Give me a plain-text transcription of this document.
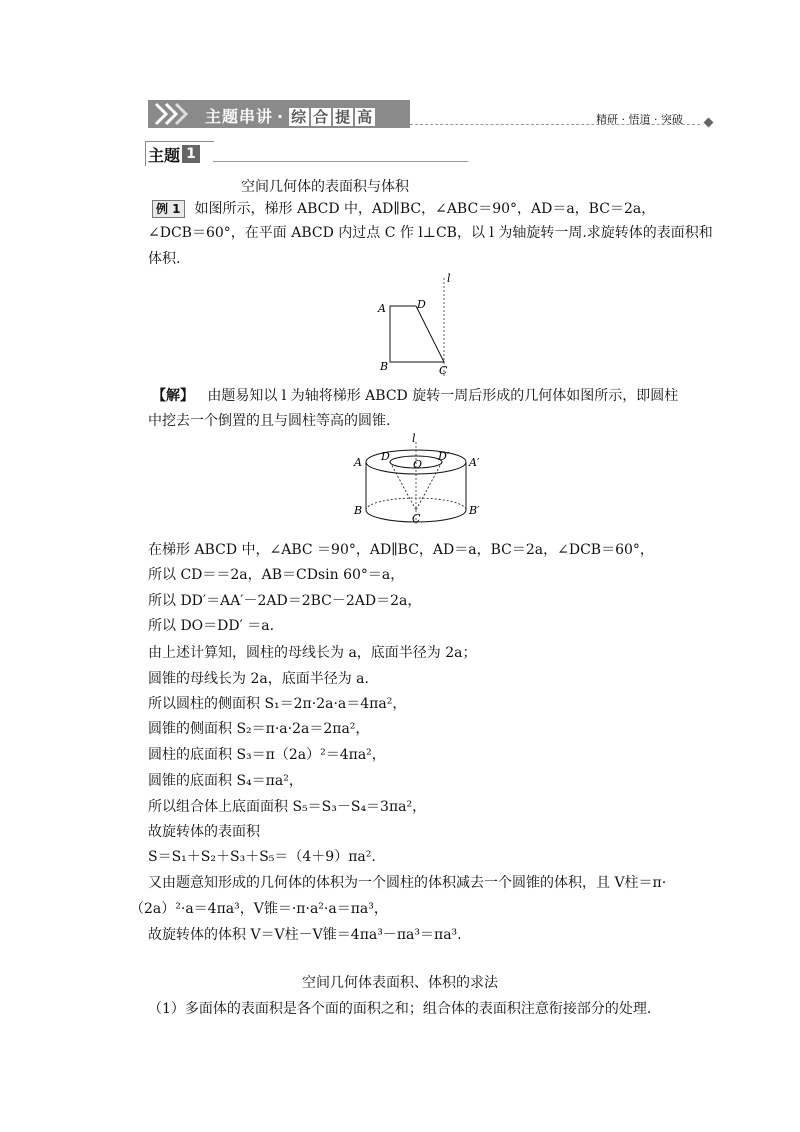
主题串讲 · 综 合 提 高	精研 · 悟道 · 突破
主题 1
空间几何体的表面积与体积
例 1 如图所示，梯形 ABCD 中，AD∥BC，∠ABC＝90°，AD＝a，BC＝2a，
∠DCB＝60°，在平面 ABCD 内过点 C 作 l⊥CB，以 l 为轴旋转一周.求旋转体的表面积和
体积.
l
A	D
B	C
【解】 由题易知以 l 为轴将梯形 ABCD 旋转一周后形成的几何体如图所示，即圆柱
中挖去一个倒置的且与圆柱等高的圆锥.
l
A D
O
D′ A′
B
C
B′
在梯形 ABCD 中，∠ABC ＝90°，AD∥BC，AD＝a，BC＝2a，∠DCB＝60°，
所以 CD＝＝2a，AB＝CDsin 60°＝a，
所以 DD′＝AA′－2AD＝2BC－2AD＝2a，
所以 DO＝DD′ ＝a.
由上述计算知，圆柱的母线长为 a，底面半径为 2a；
圆锥的母线长为 2a，底面半径为 a.
所以圆柱的侧面积 S₁＝2π·2a·a＝4πa²，
圆锥的侧面积 S₂＝π·a·2a＝2πa²，
圆柱的底面积 S₃＝π（2a）²＝4πa²，
圆锥的底面积 S₄＝πa²，
所以组合体上底面面积 S₅＝S₃－S₄＝3πa²，
故旋转体的表面积
S＝S₁＋S₂＋S₃＋S₅＝（4＋9）πa².
又由题意知形成的几何体的体积为一个圆柱的体积减去一个圆锥的体积，且 V柱＝π·
（2a）²·a＝4πa³，V锥＝·π·a²·a＝πa³，
故旋转体的体积 V＝V柱－V锥＝4πa³－πa³＝πa³.
空间几何体表面积、体积的求法
（1）多面体的表面积是各个面的面积之和；组合体的表面积注意衔接部分的处理.
